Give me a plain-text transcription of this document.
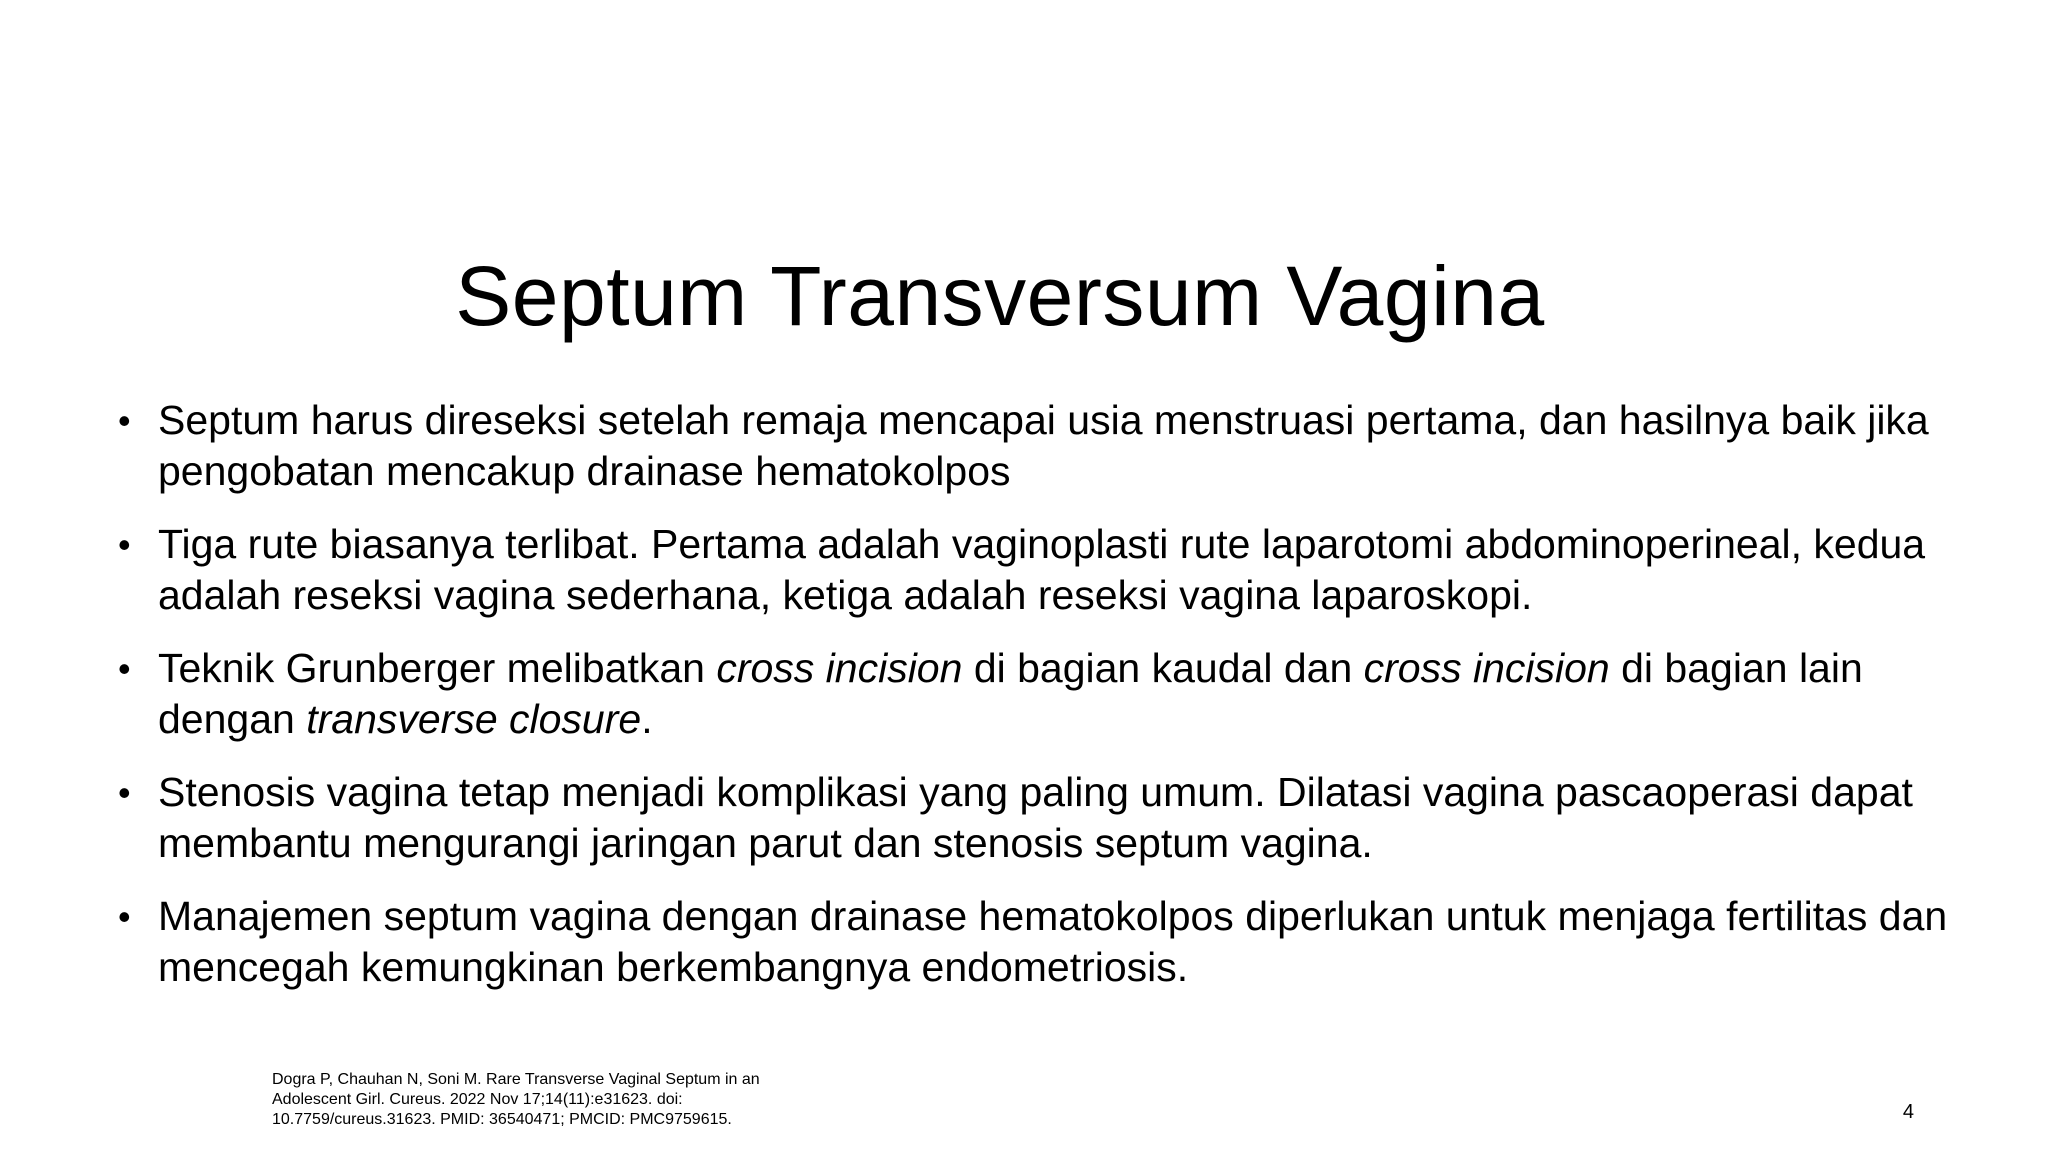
Septum Transversum Vagina
• Septum harus direseksi setelah remaja mencapai usia menstruasi pertama, dan hasilnya baik jika pengobatan mencakup drainase hematokolpos
• Tiga rute biasanya terlibat. Pertama adalah vaginoplasti rute laparotomi abdominoperineal, kedua adalah reseksi vagina sederhana, ketiga adalah reseksi vagina laparoskopi.
• Teknik Grunberger melibatkan cross incision di bagian kaudal dan cross incision di bagian lain dengan transverse closure.
• Stenosis vagina tetap menjadi komplikasi yang paling umum. Dilatasi vagina pascaoperasi dapat membantu mengurangi jaringan parut dan stenosis septum vagina.
• Manajemen septum vagina dengan drainase hematokolpos diperlukan untuk menjaga fertilitas dan mencegah kemungkinan berkembangnya endometriosis.
Dogra P, Chauhan N, Soni M. Rare Transverse Vaginal Septum in an
Adolescent Girl. Cureus. 2022 Nov 17;14(11):e31623. doi:
10.7759/cureus.31623. PMID: 36540471; PMCID: PMC9759615.	4
